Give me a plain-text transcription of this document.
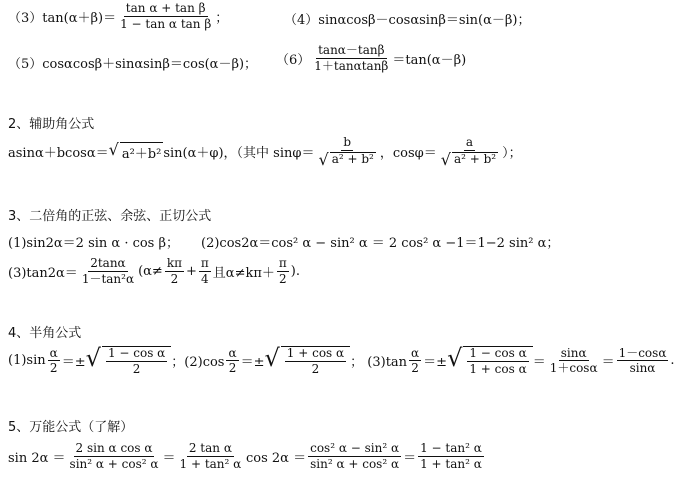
（3） $\tan(\alpha+\beta)= \frac{\text{tan α + tan β}}{\text{1 − tan α tan β}}$ ；	（4） sinαcosβ－cosαsinβ＝sin(α－β)；
（5） cosαcosβ＋sinαsinβ＝cos(α－β)； $(6) \frac{\tan\alpha-\tan\beta}{1+\tan\alpha\tan\beta} =\tan(\alpha-\beta)$
2、辅助角公式
asinα＋bcosα＝ √ a²＋b² sin(α＋φ)，（其中 $\sin\varphi= \frac{b}{\text{√ a² + b²}}$ ，$\cos\varphi= \frac{a}{\text{√ a² + b²}}$ ）；
3、二倍角的正弦、余弦、正切公式
(1)sin2α＝2 sin α · cos β； (2)cos2α＝cos² α − sin² α ＝ 2 cos² α −1＝1−2 sin² α；
$(3)\tan 2\alpha= \frac{2\tan\alpha}{\text{1－tan²α}} (\alpha\ne \frac{k\pi}{2} + \frac{\pi}{4}$ 且$\alpha\ne k\pi+ \frac{\pi}{2}$ ).
4、半角公式
$(1)\sin \frac{\alpha}{2}$ ＝± √ $\frac{\text{1 − cos α}}{2}$ ；$(2)\cos \frac{\alpha}{2}$ ＝± √ $\frac{\text{1 + cos α}}{2}$ ； $(3)\tan \frac{\alpha}{2}$ ＝± √ $\frac{\text{1 − cos α}}{\text{1 + cos α}} = \frac{\sin\alpha}{1+\cos\alpha} = \frac{1-\cos\alpha}{\sin\alpha}$ .
5、万能公式（了解）
$\sin 2\alpha = \frac{\text{2 sin α cos α}}{\text{sin² α + cos² α}} = \frac{\text{2 tan α}}{\text{1 + tan² α}}$ $\cos 2\alpha = \frac{\text{cos² α − sin² α}}{\text{sin² α + cos² α}} = \frac{\text{1 − tan² α}}{\text{1 + tan² α}}$
